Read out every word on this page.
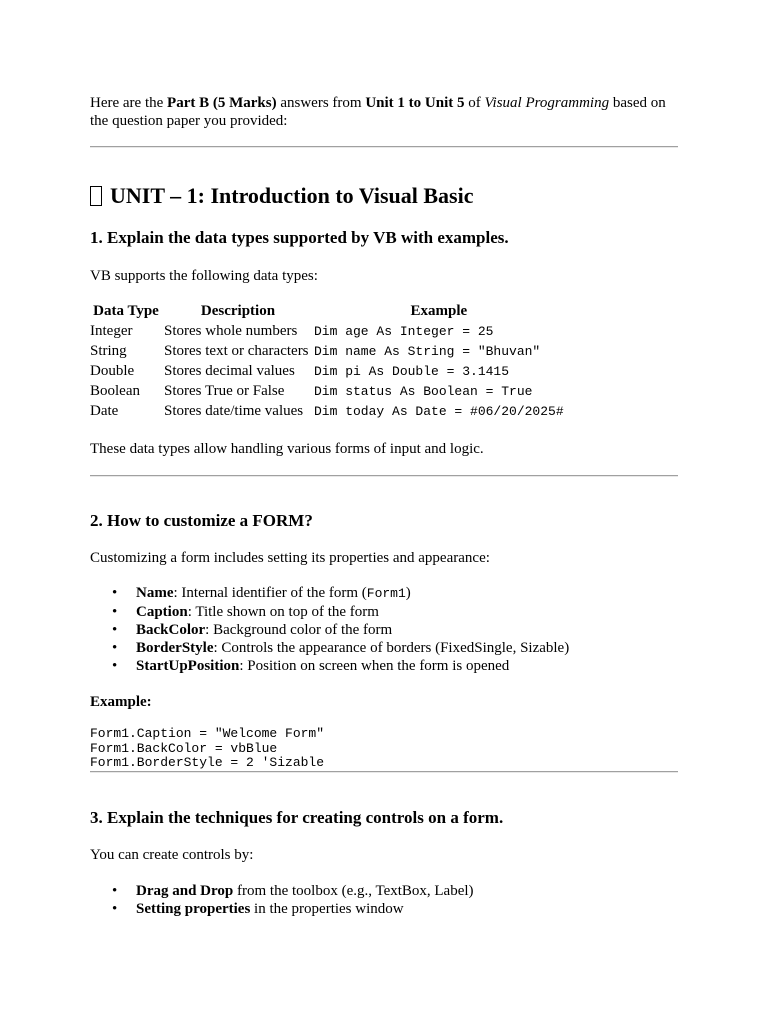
Here are the Part B (5 Marks) answers from Unit 1 to Unit 5 of Visual Programming based on the question paper you provided:

UNIT – 1: Introduction to Visual Basic
1. Explain the data types supported by VB with examples.

VB supports the following data types:

Data Type	Description	Example
Integer	Stores whole numbers	Dim age As Integer = 25
String	Stores text or characters	Dim name As String = "Bhuvan"
Double	Stores decimal values	Dim pi As Double = 3.1415
Boolean	Stores True or False	Dim status As Boolean = True
Date	Stores date/time values	Dim today As Date = #06/20/2025#

These data types allow handling various forms of input and logic.

2. How to customize a FORM?

Customizing a form includes setting its properties and appearance:

• Name: Internal identifier of the form (Form1)
• Caption: Title shown on top of the form
• BackColor: Background color of the form
• BorderStyle: Controls the appearance of borders (FixedSingle, Sizable)
• StartUpPosition: Position on screen when the form is opened

Example:

Form1.Caption = "Welcome Form"
Form1.BackColor = vbBlue
Form1.BorderStyle = 2 'Sizable
3. Explain the techniques for creating controls on a form.

You can create controls by:

• Drag and Drop from the toolbox (e.g., TextBox, Label)
• Setting properties in the properties window
